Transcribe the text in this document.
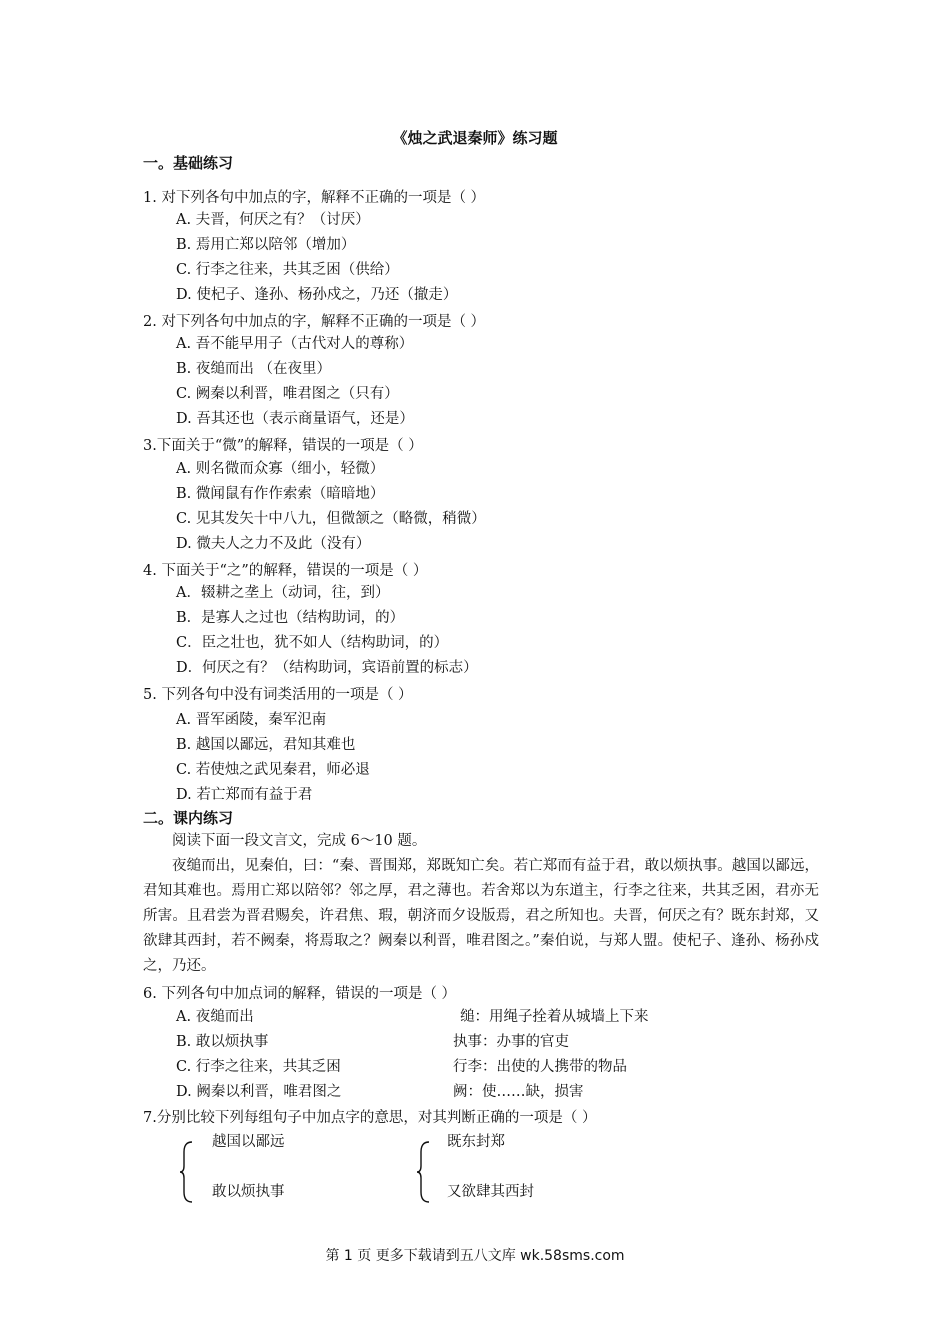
《烛之武退秦师》练习题
一。基础练习
1. 对下列各句中加点的字，解释不正确的一项是（ ）
A. 夫晋，何厌之有？（讨厌）
B. 焉用亡郑以陪邻（增加）
C. 行李之往来，共其乏困（供给）
D. 使杞子、逢孙、杨孙戍之，乃还（撤走）
2. 对下列各句中加点的字，解释不正确的一项是（ ）
A. 吾不能早用子（古代对人的尊称）
B. 夜缒而出 （在夜里）
C. 阙秦以利晋，唯君图之（只有）
D. 吾其还也（表示商量语气，还是）
3.下面关于“微”的解释，错误的一项是（ ）
A. 则名微而众寡（细小，轻微）
B. 微闻鼠有作作索索（暗暗地）
C. 见其发矢十中八九，但微颔之（略微，稍微）
D. 微夫人之力不及此（没有）
4. 下面关于“之”的解释，错误的一项是（ ）
A．辍耕之垄上（动词，往，到）
B．是寡人之过也（结构助词，的）
C．臣之壮也，犹不如人（结构助词，的）
D．何厌之有？（结构助词，宾语前置的标志）
5. 下列各句中没有词类活用的一项是（ ）
A. 晋军函陵，秦军氾南
B. 越国以鄙远，君知其难也
C. 若使烛之武见秦君，师必退
D. 若亡郑而有益于君
二。课内练习
阅读下面一段文言文，完成 6～10 题。
夜缒而出，见秦伯，曰：“秦、晋围郑，郑既知亡矣。若亡郑而有益于君，敢以烦执事。越国以鄙远，君知其难也。焉用亡郑以陪邻？邻之厚，君之薄也。若舍郑以为东道主，行李之往来，共其乏困，君亦无所害。且君尝为晋君赐矣，许君焦、瑕，朝济而夕设版焉，君之所知也。夫晋，何厌之有？既东封郑，又欲肆其西封，若不阙秦，将焉取之？阙秦以利晋，唯君图之。”秦伯说，与郑人盟。使杞子、逢孙、杨孙戍之，乃还。
6. 下列各句中加点词的解释，错误的一项是（ ）
A. 夜缒而出	缒：用绳子拴着从城墙上下来
B. 敢以烦执事	执事：办事的官吏
C. 行李之往来，共其乏困	行李：出使的人携带的物品
D. 阙秦以利晋，唯君图之	阙：使……缺，损害
7.分别比较下列每组句子中加点字的意思，对其判断正确的一项是（ ）
越国以鄙远
敢以烦执事
既东封郑
又欲肆其西封
第 1 页 更多下载请到五八文库 wk.58sms.com
